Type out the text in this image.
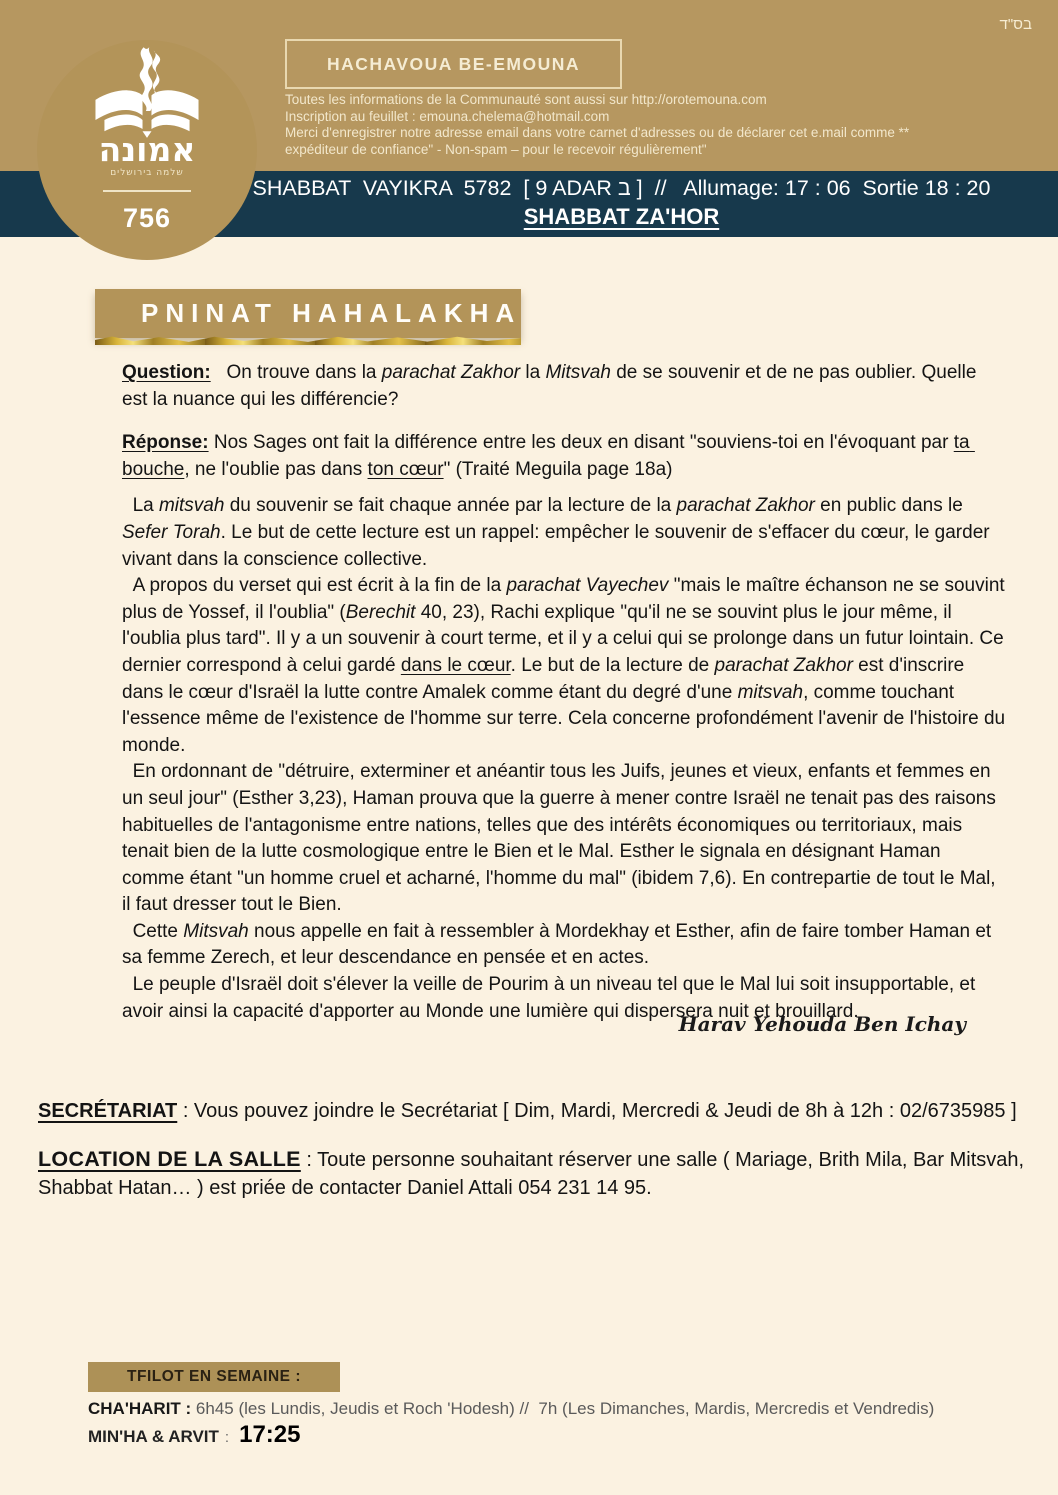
בס"ד
HACHAVOUA BE-EMOUNA
Toutes les informations de la Communauté sont aussi sur http://orotemouna.com
Inscription au feuillet : emouna.chelema@hotmail.com
Merci d'enregistrer notre adresse email dans votre carnet d'adresses ou de déclarer cet e.mail comme **
expéditeur de confiance" - Non-spam – pour le recevoir régulièrement"
SHABBAT  VAYIKRA  5782  [ 9 ADAR ב ]  //   Allumage: 17 : 06  Sortie 18 : 20
SHABBAT ZA'HOR
אמונה
שלמה בירושלים
756
PNINAT HAHALAKHA

Question:   On trouve dans la parachat Zakhor la Mitsvah de se souvenir et de ne pas oublier. Quelle est la nuance qui les différencie?

Réponse: Nos Sages ont fait la différence entre les deux en disant "souviens-toi en l'évoquant par ta bouche, ne l'oublie pas dans ton cœur" (Traité Meguila page 18a)

La mitsvah du souvenir se fait chaque année par la lecture de la parachat Zakhor en public dans le Sefer Torah. Le but de cette lecture est un rappel: empêcher le souvenir de s'effacer du cœur, le garder vivant dans la conscience collective.

A propos du verset qui est écrit à la fin de la parachat Vayechev "mais le maître échanson ne se souvint plus de Yossef, il l'oublia" (Berechit 40, 23), Rachi explique "qu'il ne se souvint plus le jour même, il l'oublia plus tard". Il y a un souvenir à court terme, et il y a celui qui se prolonge dans un futur lointain. Ce dernier correspond à celui gardé dans le cœur. Le but de la lecture de parachat Zakhor est d'inscrire dans le cœur d'Israël la lutte contre Amalek comme étant du degré d'une mitsvah, comme touchant l'essence même de l'existence de l'homme sur terre. Cela concerne profondément l'avenir de l'histoire du monde.

En ordonnant de "détruire, exterminer et anéantir tous les Juifs, jeunes et vieux, enfants et femmes en un seul jour" (Esther 3,23), Haman prouva que la guerre à mener contre Israël ne tenait pas des raisons habituelles de l'antagonisme entre nations, telles que des intérêts économiques ou territoriaux, mais tenait bien de la lutte cosmologique entre le Bien et le Mal. Esther le signala en désignant Haman comme étant "un homme cruel et acharné, l'homme du mal" (ibidem 7,6). En contrepartie de tout le Mal, il faut dresser tout le Bien.

Cette Mitsvah nous appelle en fait à ressembler à Mordekhay et Esther, afin de faire tomber Haman et sa femme Zerech, et leur descendance en pensée et en actes.

Le peuple d'Israël doit s'élever la veille de Pourim à un niveau tel que le Mal lui soit insupportable, et avoir ainsi la capacité d'apporter au Monde une lumière qui dispersera nuit et brouillard.

Harav Yehouda Ben Ichay
SECRÉTARIAT : Vous pouvez joindre le Secrétariat [ Dim, Mardi, Mercredi & Jeudi de 8h à 12h : 02/6735985 ]
LOCATION DE LA SALLE : Toute personne souhaitant réserver une salle ( Mariage, Brith Mila, Bar Mitsvah, Shabbat Hatan… ) est priée de contacter Daniel Attali 054 231 14 95.
TFILOT EN SEMAINE :
CHA'HARIT : 6h45 (les Lundis, Jeudis et Roch 'Hodesh) //  7h (Les Dimanches, Mardis, Mercredis et Vendredis)
MIN'HA & ARVIT : 17:25
